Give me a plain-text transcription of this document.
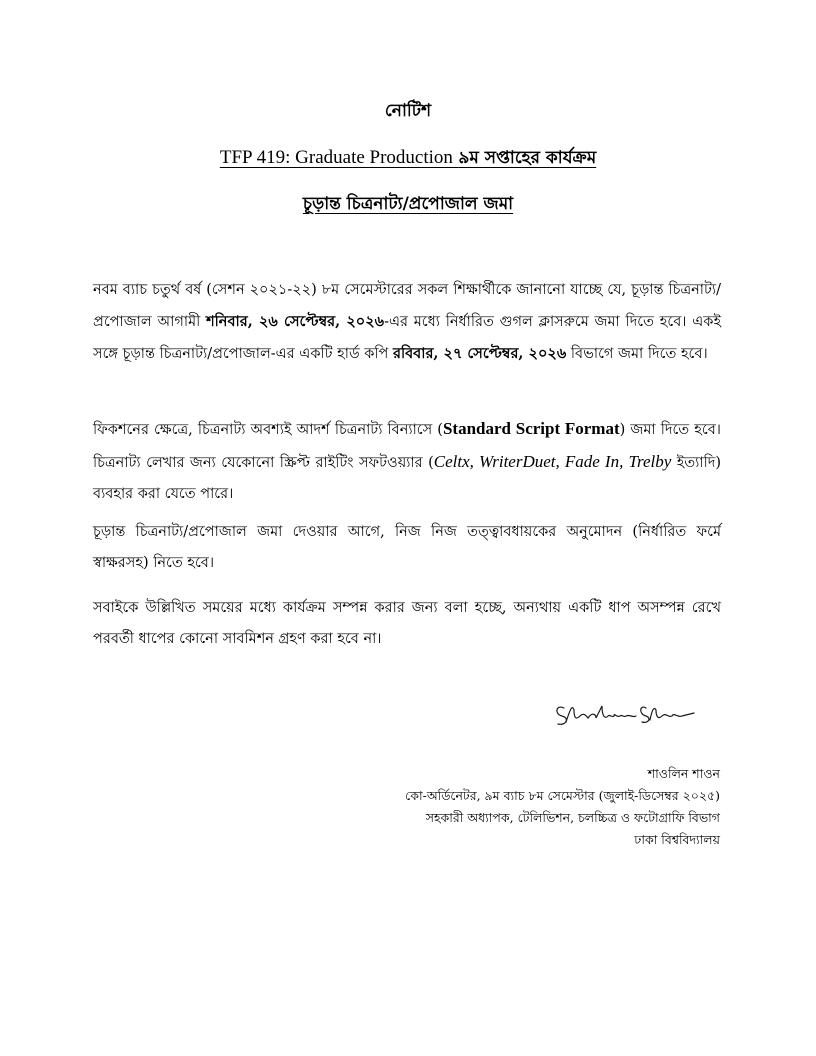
নোটিশ
TFP 419: Graduate Production ৯ম সপ্তাহের কার্যক্রম
চূড়ান্ত চিত্রনাট্য/প্রপোজাল জমা
নবম ব্যাচ চতুর্থ বর্ষ (সেশন ২০২১-২২) ৮ম সেমেস্টারের সকল শিক্ষার্থীকে জানানো যাচ্ছে যে, চূড়ান্ত চিত্রনাট্য/প্রপোজাল আগামী শনিবার, ২৬ সেপ্টেম্বর, ২০২৬-এর মধ্যে নির্ধারিত গুগল ক্লাসরুমে জমা দিতে হবে। একই সঙ্গে চূড়ান্ত চিত্রনাট্য/প্রপোজাল-এর একটি হার্ড কপি রবিবার, ২৭ সেপ্টেম্বর, ২০২৬ বিভাগে জমা দিতে হবে।
ফিকশনের ক্ষেত্রে, চিত্রনাট্য অবশ্যই আদর্শ চিত্রনাট্য বিন্যাসে (Standard Script Format) জমা দিতে হবে। চিত্রনাট্য লেখার জন্য যেকোনো স্ক্রিপ্ট রাইটিং সফটওয়্যার (Celtx, WriterDuet, Fade In, Trelby ইত্যাদি) ব্যবহার করা যেতে পারে।
চূড়ান্ত চিত্রনাট্য/প্রপোজাল জমা দেওয়ার আগে, নিজ নিজ তত্ত্বাবধায়কের অনুমোদন (নির্ধারিত ফর্মে স্বাক্ষরসহ) নিতে হবে।
সবাইকে উল্লিখিত সময়ের মধ্যে কার্যক্রম সম্পন্ন করার জন্য বলা হচ্ছে, অন্যথায় একটি ধাপ অসম্পন্ন রেখে পরবর্তী ধাপের কোনো সাবমিশন গ্রহণ করা হবে না।
শাওলিন শাওন
কো-অর্ডিনেটর, ৯ম ব্যাচ ৮ম সেমেস্টার (জুলাই-ডিসেম্বর ২০২৫)
সহকারী অধ্যাপক, টেলিভিশন, চলচ্চিত্র ও ফটোগ্রাফি বিভাগ
ঢাকা বিশ্ববিদ্যালয়
